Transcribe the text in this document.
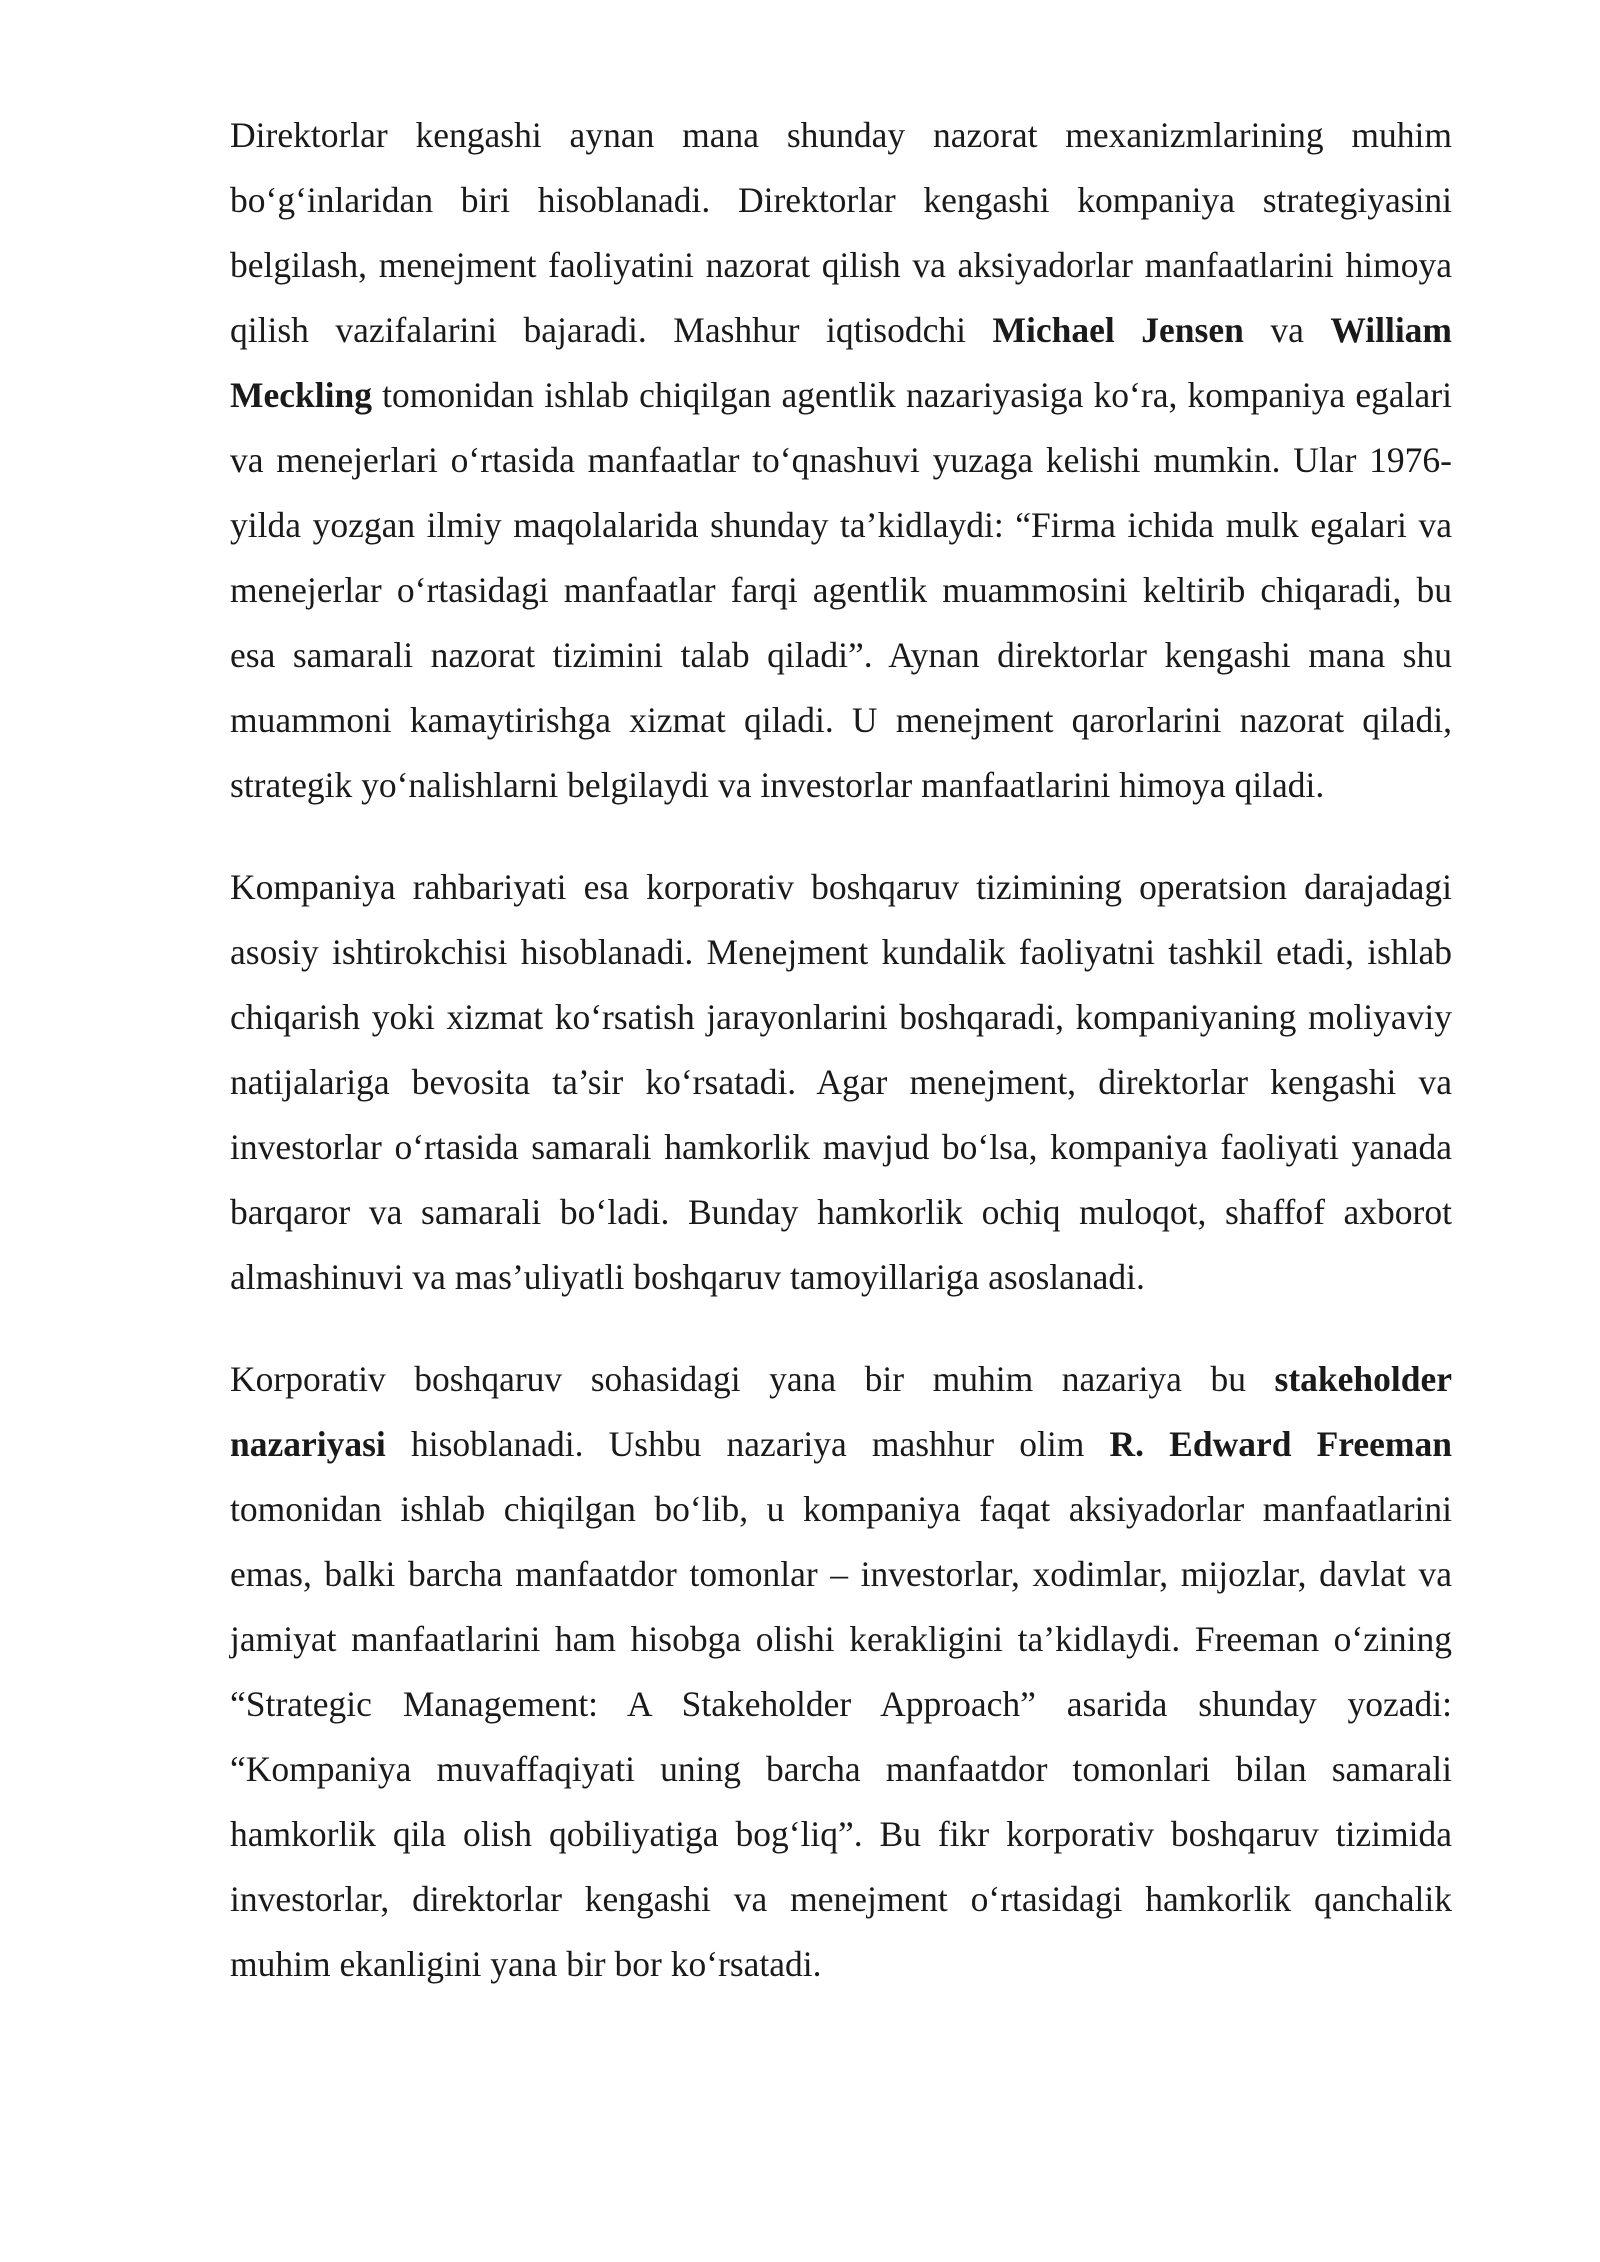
Direktorlar kengashi aynan mana shunday nazorat mexanizmlarining muhim bo‘g‘inlaridan biri hisoblanadi. Direktorlar kengashi kompaniya strategiyasini belgilash, menejment faoliyatini nazorat qilish va aksiyadorlar manfaatlarini himoya qilish vazifalarini bajaradi. Mashhur iqtisodchi Michael Jensen va William Meckling tomonidan ishlab chiqilgan agentlik nazariyasiga ko‘ra, kompaniya egalari va menejerlari o‘rtasida manfaatlar to‘qnashuvi yuzaga kelishi mumkin. Ular 1976-yilda yozgan ilmiy maqolalarida shunday ta’kidlaydi: “Firma ichida mulk egalari va menejerlar o‘rtasidagi manfaatlar farqi agentlik muammosini keltirib chiqaradi, bu esa samarali nazorat tizimini talab qiladi”. Aynan direktorlar kengashi mana shu muammoni kamaytirishga xizmat qiladi. U menejment qarorlarini nazorat qiladi, strategik yo‘nalishlarni belgilaydi va investorlar manfaatlarini himoya qiladi.

Kompaniya rahbariyati esa korporativ boshqaruv tizimining operatsion darajadagi asosiy ishtirokchisi hisoblanadi. Menejment kundalik faoliyatni tashkil etadi, ishlab chiqarish yoki xizmat ko‘rsatish jarayonlarini boshqaradi, kompaniyaning moliyaviy natijalariga bevosita ta’sir ko‘rsatadi. Agar menejment, direktorlar kengashi va investorlar o‘rtasida samarali hamkorlik mavjud bo‘lsa, kompaniya faoliyati yanada barqaror va samarali bo‘ladi. Bunday hamkorlik ochiq muloqot, shaffof axborot almashinuvi va mas’uliyatli boshqaruv tamoyillariga asoslanadi.

Korporativ boshqaruv sohasidagi yana bir muhim nazariya bu stakeholder nazariyasi hisoblanadi. Ushbu nazariya mashhur olim R. Edward Freeman tomonidan ishlab chiqilgan bo‘lib, u kompaniya faqat aksiyadorlar manfaatlarini emas, balki barcha manfaatdor tomonlar – investorlar, xodimlar, mijozlar, davlat va jamiyat manfaatlarini ham hisobga olishi kerakligini ta’kidlaydi. Freeman o‘zining “Strategic Management: A Stakeholder Approach” asarida shunday yozadi: “Kompaniya muvaffaqiyati uning barcha manfaatdor tomonlari bilan samarali hamkorlik qila olish qobiliyatiga bog‘liq”. Bu fikr korporativ boshqaruv tizimida investorlar, direktorlar kengashi va menejment o‘rtasidagi hamkorlik qanchalik muhim ekanligini yana bir bor ko‘rsatadi.
